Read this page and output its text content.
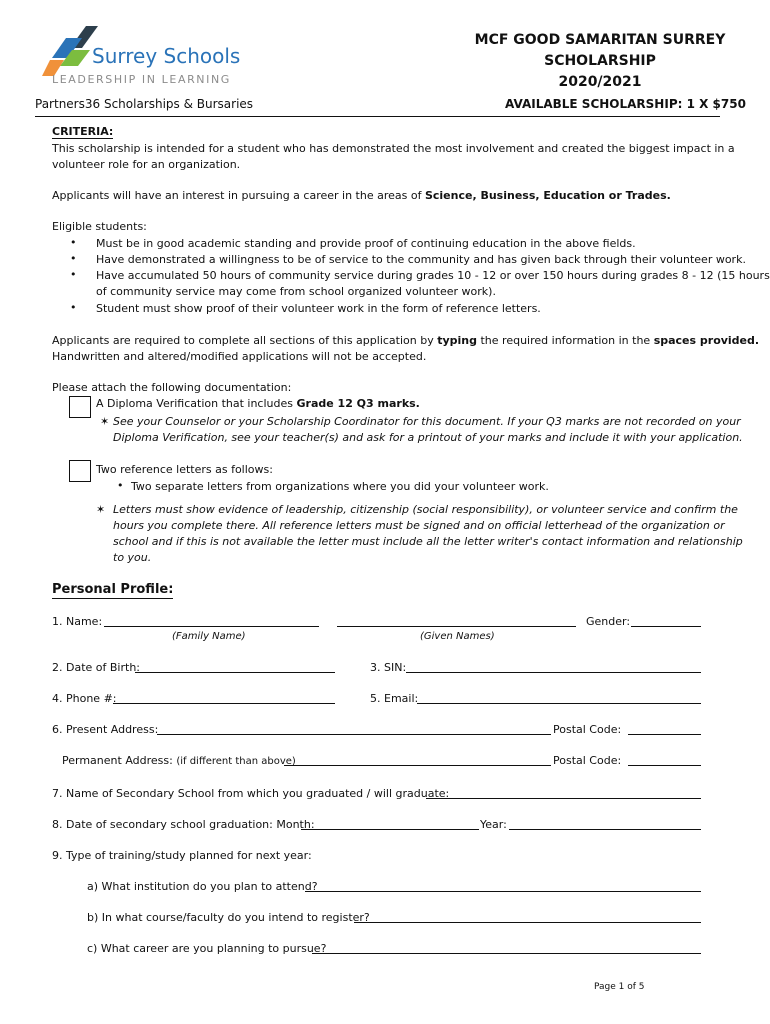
Surrey Schools
LEADERSHIP IN LEARNING
Partners36 Scholarships & Bursaries
MCF GOOD SAMARITAN SURREY
SCHOLARSHIP
2020/2021
AVAILABLE SCHOLARSHIP: 1 X $750
CRITERIA:
This scholarship is intended for a student who has demonstrated the most involvement and created the biggest impact in a
volunteer role for an organization.
Applicants will have an interest in pursuing a career in the areas of Science, Business, Education or Trades.
Eligible students:
• Must be in good academic standing and provide proof of continuing education in the above fields.
• Have demonstrated a willingness to be of service to the community and has given back through their volunteer work.
• Have accumulated 50 hours of community service during grades 10 - 12 or over 150 hours during grades 8 - 12 (15 hours
of community service may come from school organized volunteer work).
• Student must show proof of their volunteer work in the form of reference letters.
Applicants are required to complete all sections of this application by typing the required information in the spaces provided.
Handwritten and altered/modified applications will not be accepted.
Please attach the following documentation:
A Diploma Verification that includes Grade 12 Q3 marks.
✶ See your Counselor or your Scholarship Coordinator for this document. If your Q3 marks are not recorded on your
Diploma Verification, see your teacher(s) and ask for a printout of your marks and include it with your application.
Two reference letters as follows:
• Two separate letters from organizations where you did your volunteer work.
✶ Letters must show evidence of leadership, citizenship (social responsibility), or volunteer service and confirm the
hours you complete there. All reference letters must be signed and on official letterhead of the organization or
school and if this is not available the letter must include all the letter writer's contact information and relationship
to you.
Personal Profile:
1. Name:	Gender:
(Family Name)	(Given Names)
2. Date of Birth:	3. SIN:
4. Phone #:	5. Email:
6. Present Address:	Postal Code:
Permanent Address: (if different than above)	Postal Code:
7. Name of Secondary School from which you graduated / will graduate:
8. Date of secondary school graduation: Month:	Year:
9. Type of training/study planned for next year:
a) What institution do you plan to attend?
b) In what course/faculty do you intend to register?
c) What career are you planning to pursue?
Page 1 of 5
